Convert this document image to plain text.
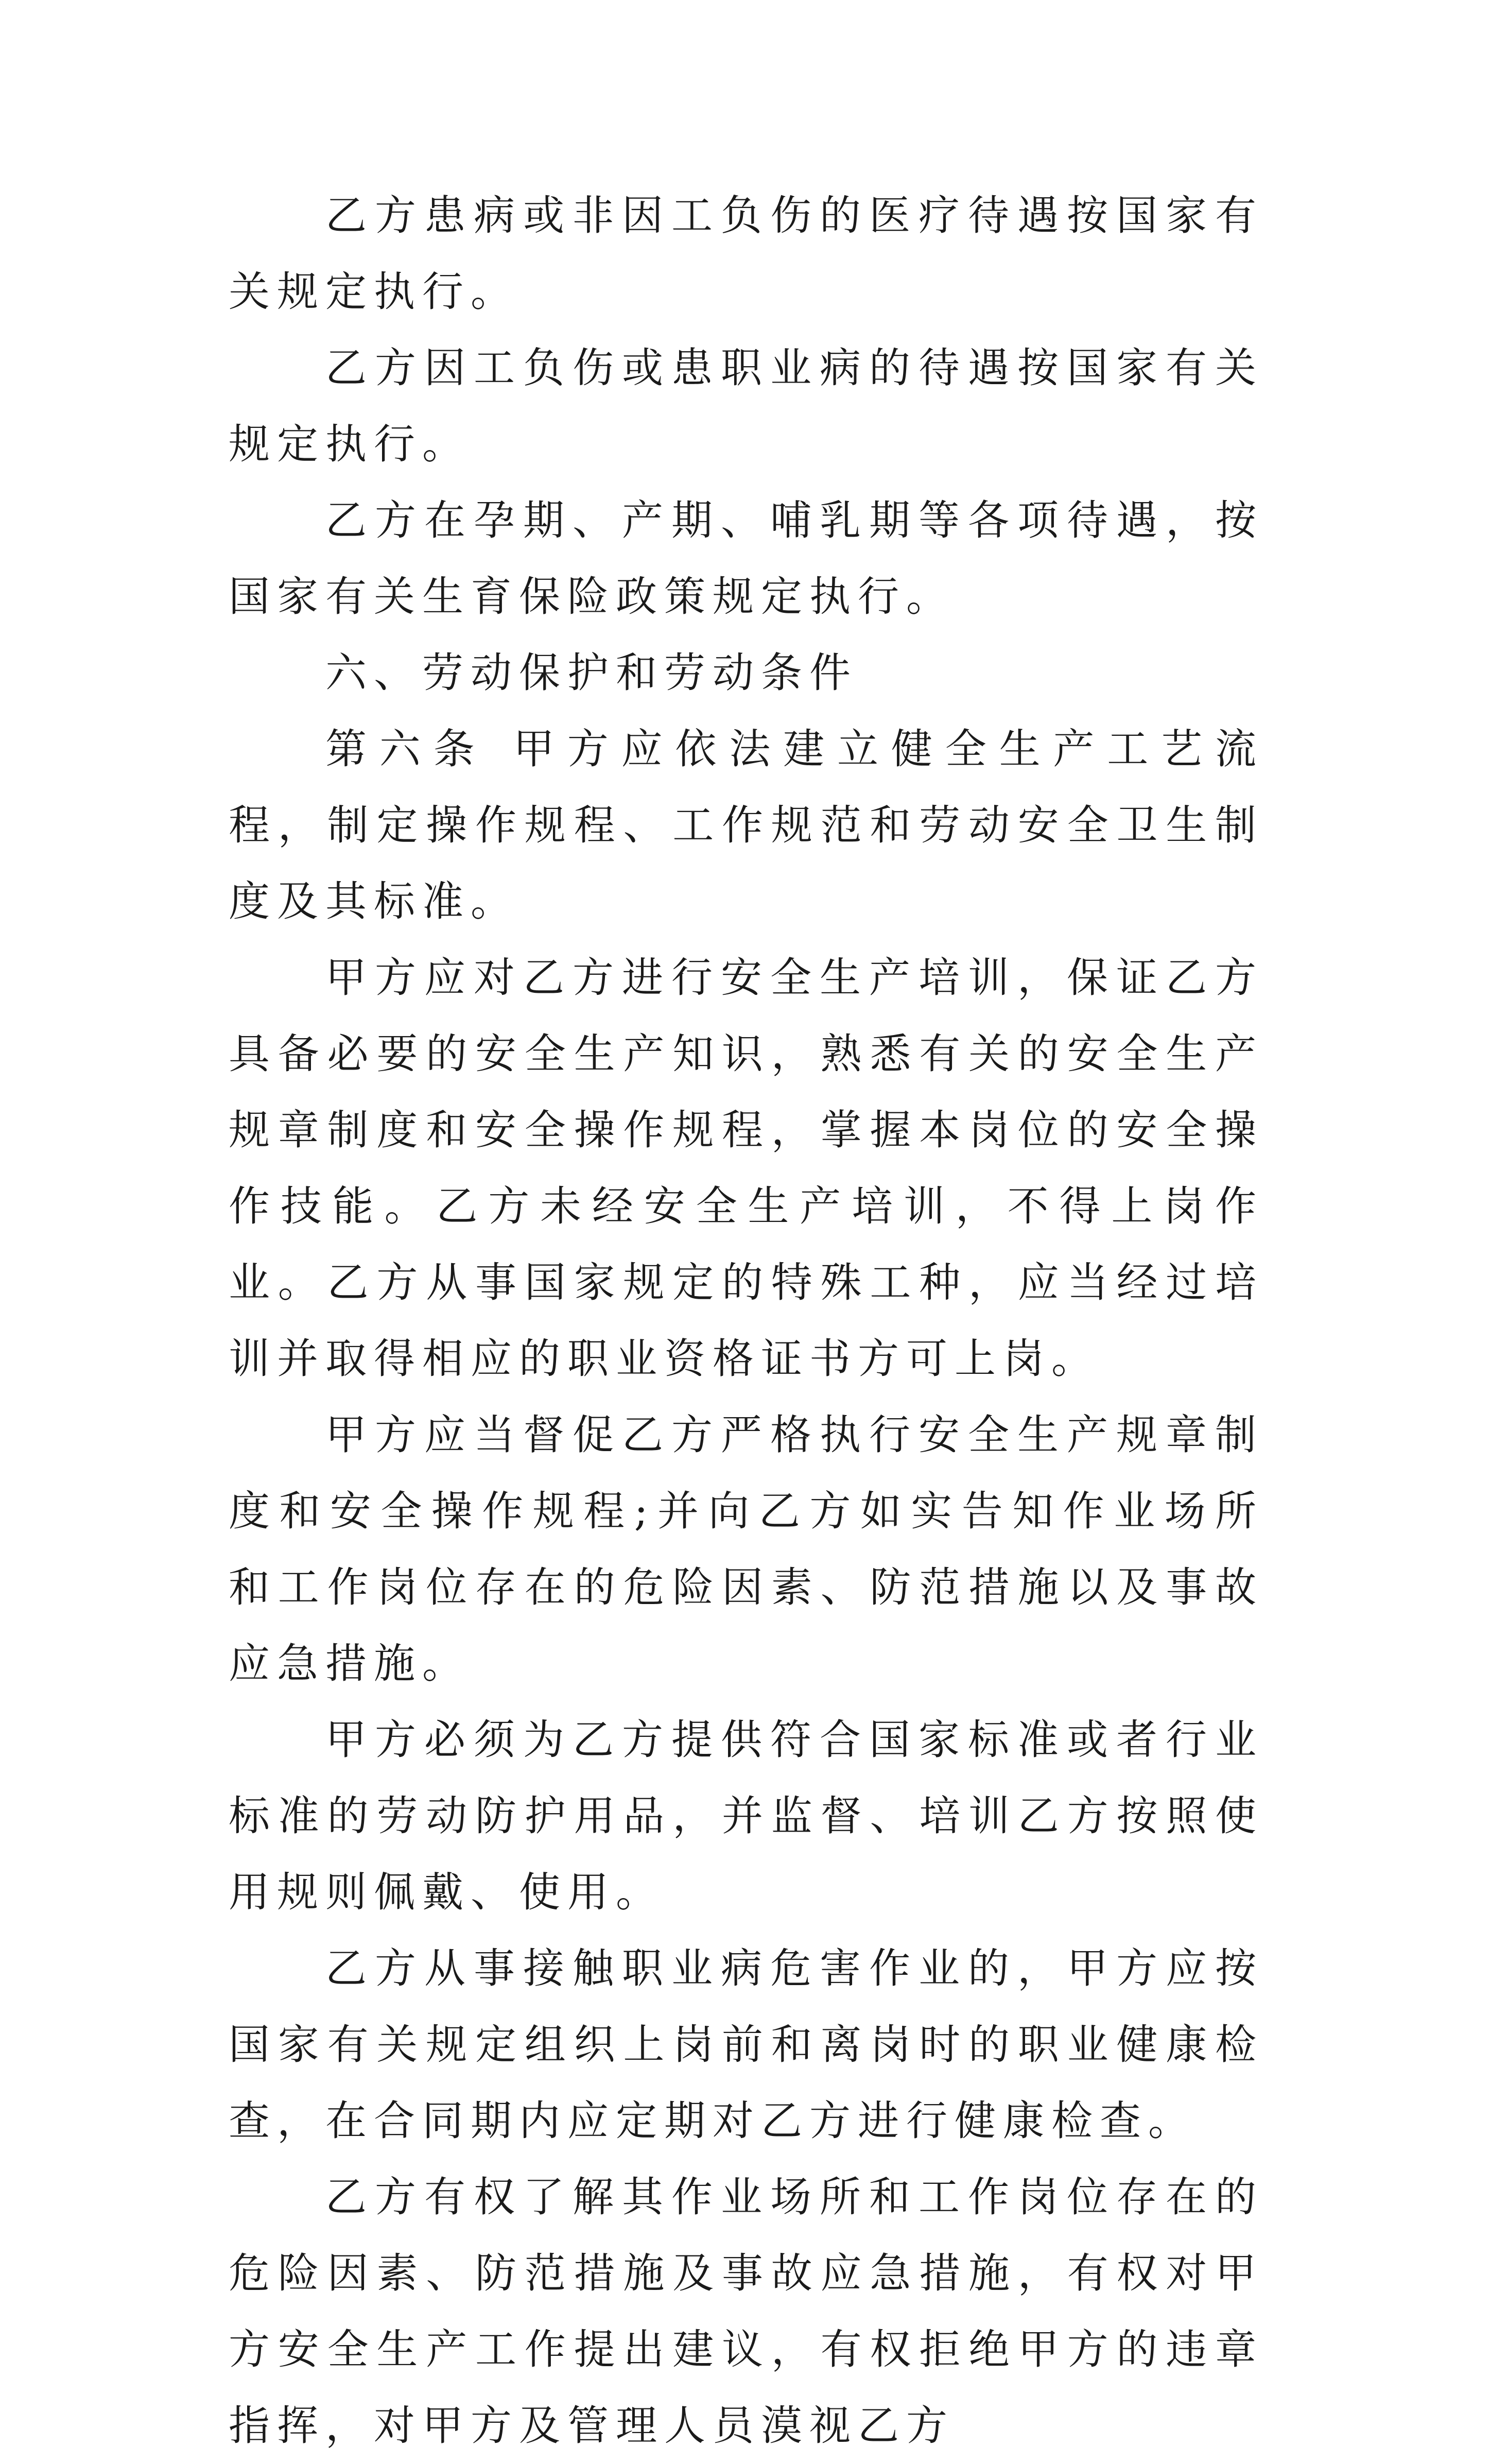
乙方患病或非因工负伤的医疗待遇按国家有关规定执行。

乙方因工负伤或患职业病的待遇按国家有关规定执行。

乙方在孕期、产期、哺乳期等各项待遇，按国家有关生育保险政策规定执行。

六、劳动保护和劳动条件

第六条 甲方应依法建立健全生产工艺流程，制定操作规程、工作规范和劳动安全卫生制度及其标准。

甲方应对乙方进行安全生产培训，保证乙方具备必要的安全生产知识，熟悉有关的安全生产规章制度和安全操作规程，掌握本岗位的安全操作技能。乙方未经安全生产培训，不得上岗作业。乙方从事国家规定的特殊工种，应当经过培训并取得相应的职业资格证书方可上岗。

甲方应当督促乙方严格执行安全生产规章制度和安全操作规程;并向乙方如实告知作业场所和工作岗位存在的危险因素、防范措施以及事故应急措施。

甲方必须为乙方提供符合国家标准或者行业标准的劳动防护用品，并监督、培训乙方按照使用规则佩戴、使用。

乙方从事接触职业病危害作业的，甲方应按国家有关规定组织上岗前和离岗时的职业健康检查，在合同期内应定期对乙方进行健康检查。

乙方有权了解其作业场所和工作岗位存在的危险因素、防范措施及事故应急措施，有权对甲方安全生产工作提出建议，有权拒绝甲方的违章指挥，对甲方及管理人员漠视乙方
